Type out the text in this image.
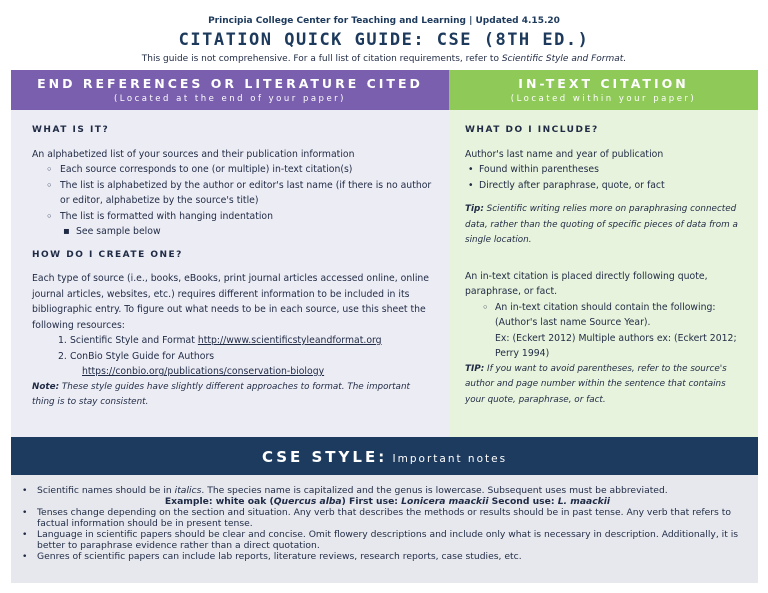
Principia College Center for Teaching and Learning | Updated 4.15.20
CITATION QUICK GUIDE: CSE (8TH ED.)
This guide is not comprehensive. For a full list of citation requirements, refer to Scientific Style and Format.
END REFERENCES OR LITERATURE CITED
(Located at the end of your paper)
IN-TEXT CITATION
(Located within your paper)
WHAT IS IT?

An alphabetized list of your sources and their publication information

◦ Each source corresponds to one (or multiple) in-text citation(s)
◦ The list is alphabetized by the author or editor's last name (if there is no author or editor, alphabetize by the source's title)
◦ The list is formatted with hanging indentation
▪ See sample below
HOW DO I CREATE ONE?

Each type of source (i.e., books, eBooks, print journal articles accessed online, online journal articles, websites, etc.) requires different information to be included in its bibliographic entry. To figure out what needs to be in each source, use this sheet the following resources:

1. Scientific Style and Format http://www.scientificstyleandformat.org
2. ConBio Style Guide for Authors
https://conbio.org/publications/conservation-biology

Note: These style guides have slightly different approaches to format. The important thing is to stay consistent.

WHAT DO I INCLUDE?

Author's last name and year of publication

• Found within parentheses
• Directly after paraphrase, quote, or fact

Tip: Scientific writing relies more on paraphrasing connected data, rather than the quoting of specific pieces of data from a single location.

An in-text citation is placed directly following quote, paraphrase, or fact.

◦ An in-text citation should contain the following: (Author's last name Source Year).
Ex: (Eckert 2012) Multiple authors ex: (Eckert 2012; Perry 1994)

TIP: If you want to avoid parentheses, refer to the source's author and page number within the sentence that contains your quote, paraphrase, or fact.

CSE STYLE: Important notes
• Scientific names should be in italics. The species name is capitalized and the genus is lowercase. Subsequent uses must be abbreviated.
Example: white oak (Quercus alba) First use: Lonicera maackii Second use: L. maackii
• Tenses change depending on the section and situation. Any verb that describes the methods or results should be in past tense. Any verb that refers to factual information should be in present tense.
• Language in scientific papers should be clear and concise. Omit flowery descriptions and include only what is necessary in description. Additionally, it is better to paraphrase evidence rather than a direct quotation.
• Genres of scientific papers can include lab reports, literature reviews, research reports, case studies, etc.
